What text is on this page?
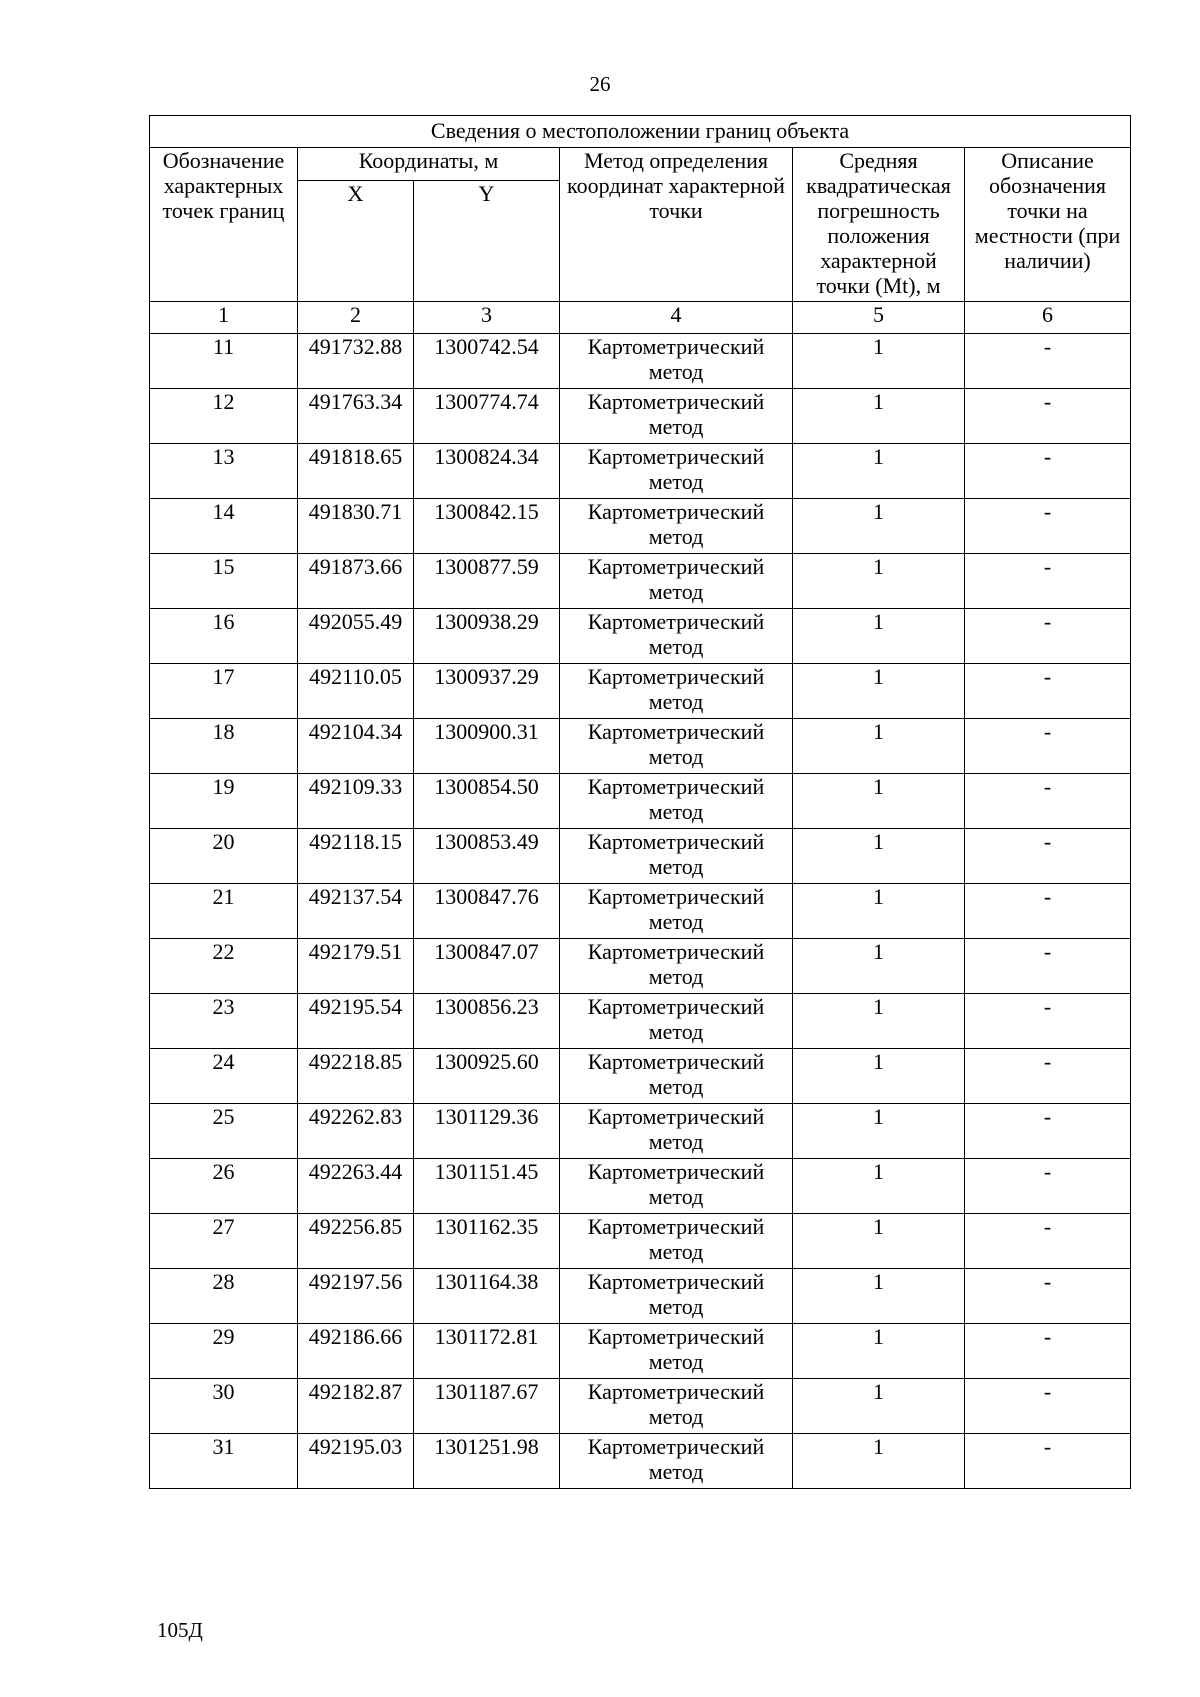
26
Сведения о местоположении границ объекта					
Обозначение характерных точек границ	Координаты, м		Метод определения координат характерной точки	Средняя квадратическая погрешность положения характерной точки (Mt), м	Описание обозначения точки на местности (при наличии)
	X	Y			
1	2	3	4	5	6
11	491732.88	1300742.54	Картометрический метод	1	-
12	491763.34	1300774.74	Картометрический метод	1	-
13	491818.65	1300824.34	Картометрический метод	1	-
14	491830.71	1300842.15	Картометрический метод	1	-
15	491873.66	1300877.59	Картометрический метод	1	-
16	492055.49	1300938.29	Картометрический метод	1	-
17	492110.05	1300937.29	Картометрический метод	1	-
18	492104.34	1300900.31	Картометрический метод	1	-
19	492109.33	1300854.50	Картометрический метод	1	-
20	492118.15	1300853.49	Картометрический метод	1	-
21	492137.54	1300847.76	Картометрический метод	1	-
22	492179.51	1300847.07	Картометрический метод	1	-
23	492195.54	1300856.23	Картометрический метод	1	-
24	492218.85	1300925.60	Картометрический метод	1	-
25	492262.83	1301129.36	Картометрический метод	1	-
26	492263.44	1301151.45	Картометрический метод	1	-
27	492256.85	1301162.35	Картометрический метод	1	-
28	492197.56	1301164.38	Картометрический метод	1	-
29	492186.66	1301172.81	Картометрический метод	1	-
30	492182.87	1301187.67	Картометрический метод	1	-
31	492195.03	1301251.98	Картометрический метод	1	-
105Д
